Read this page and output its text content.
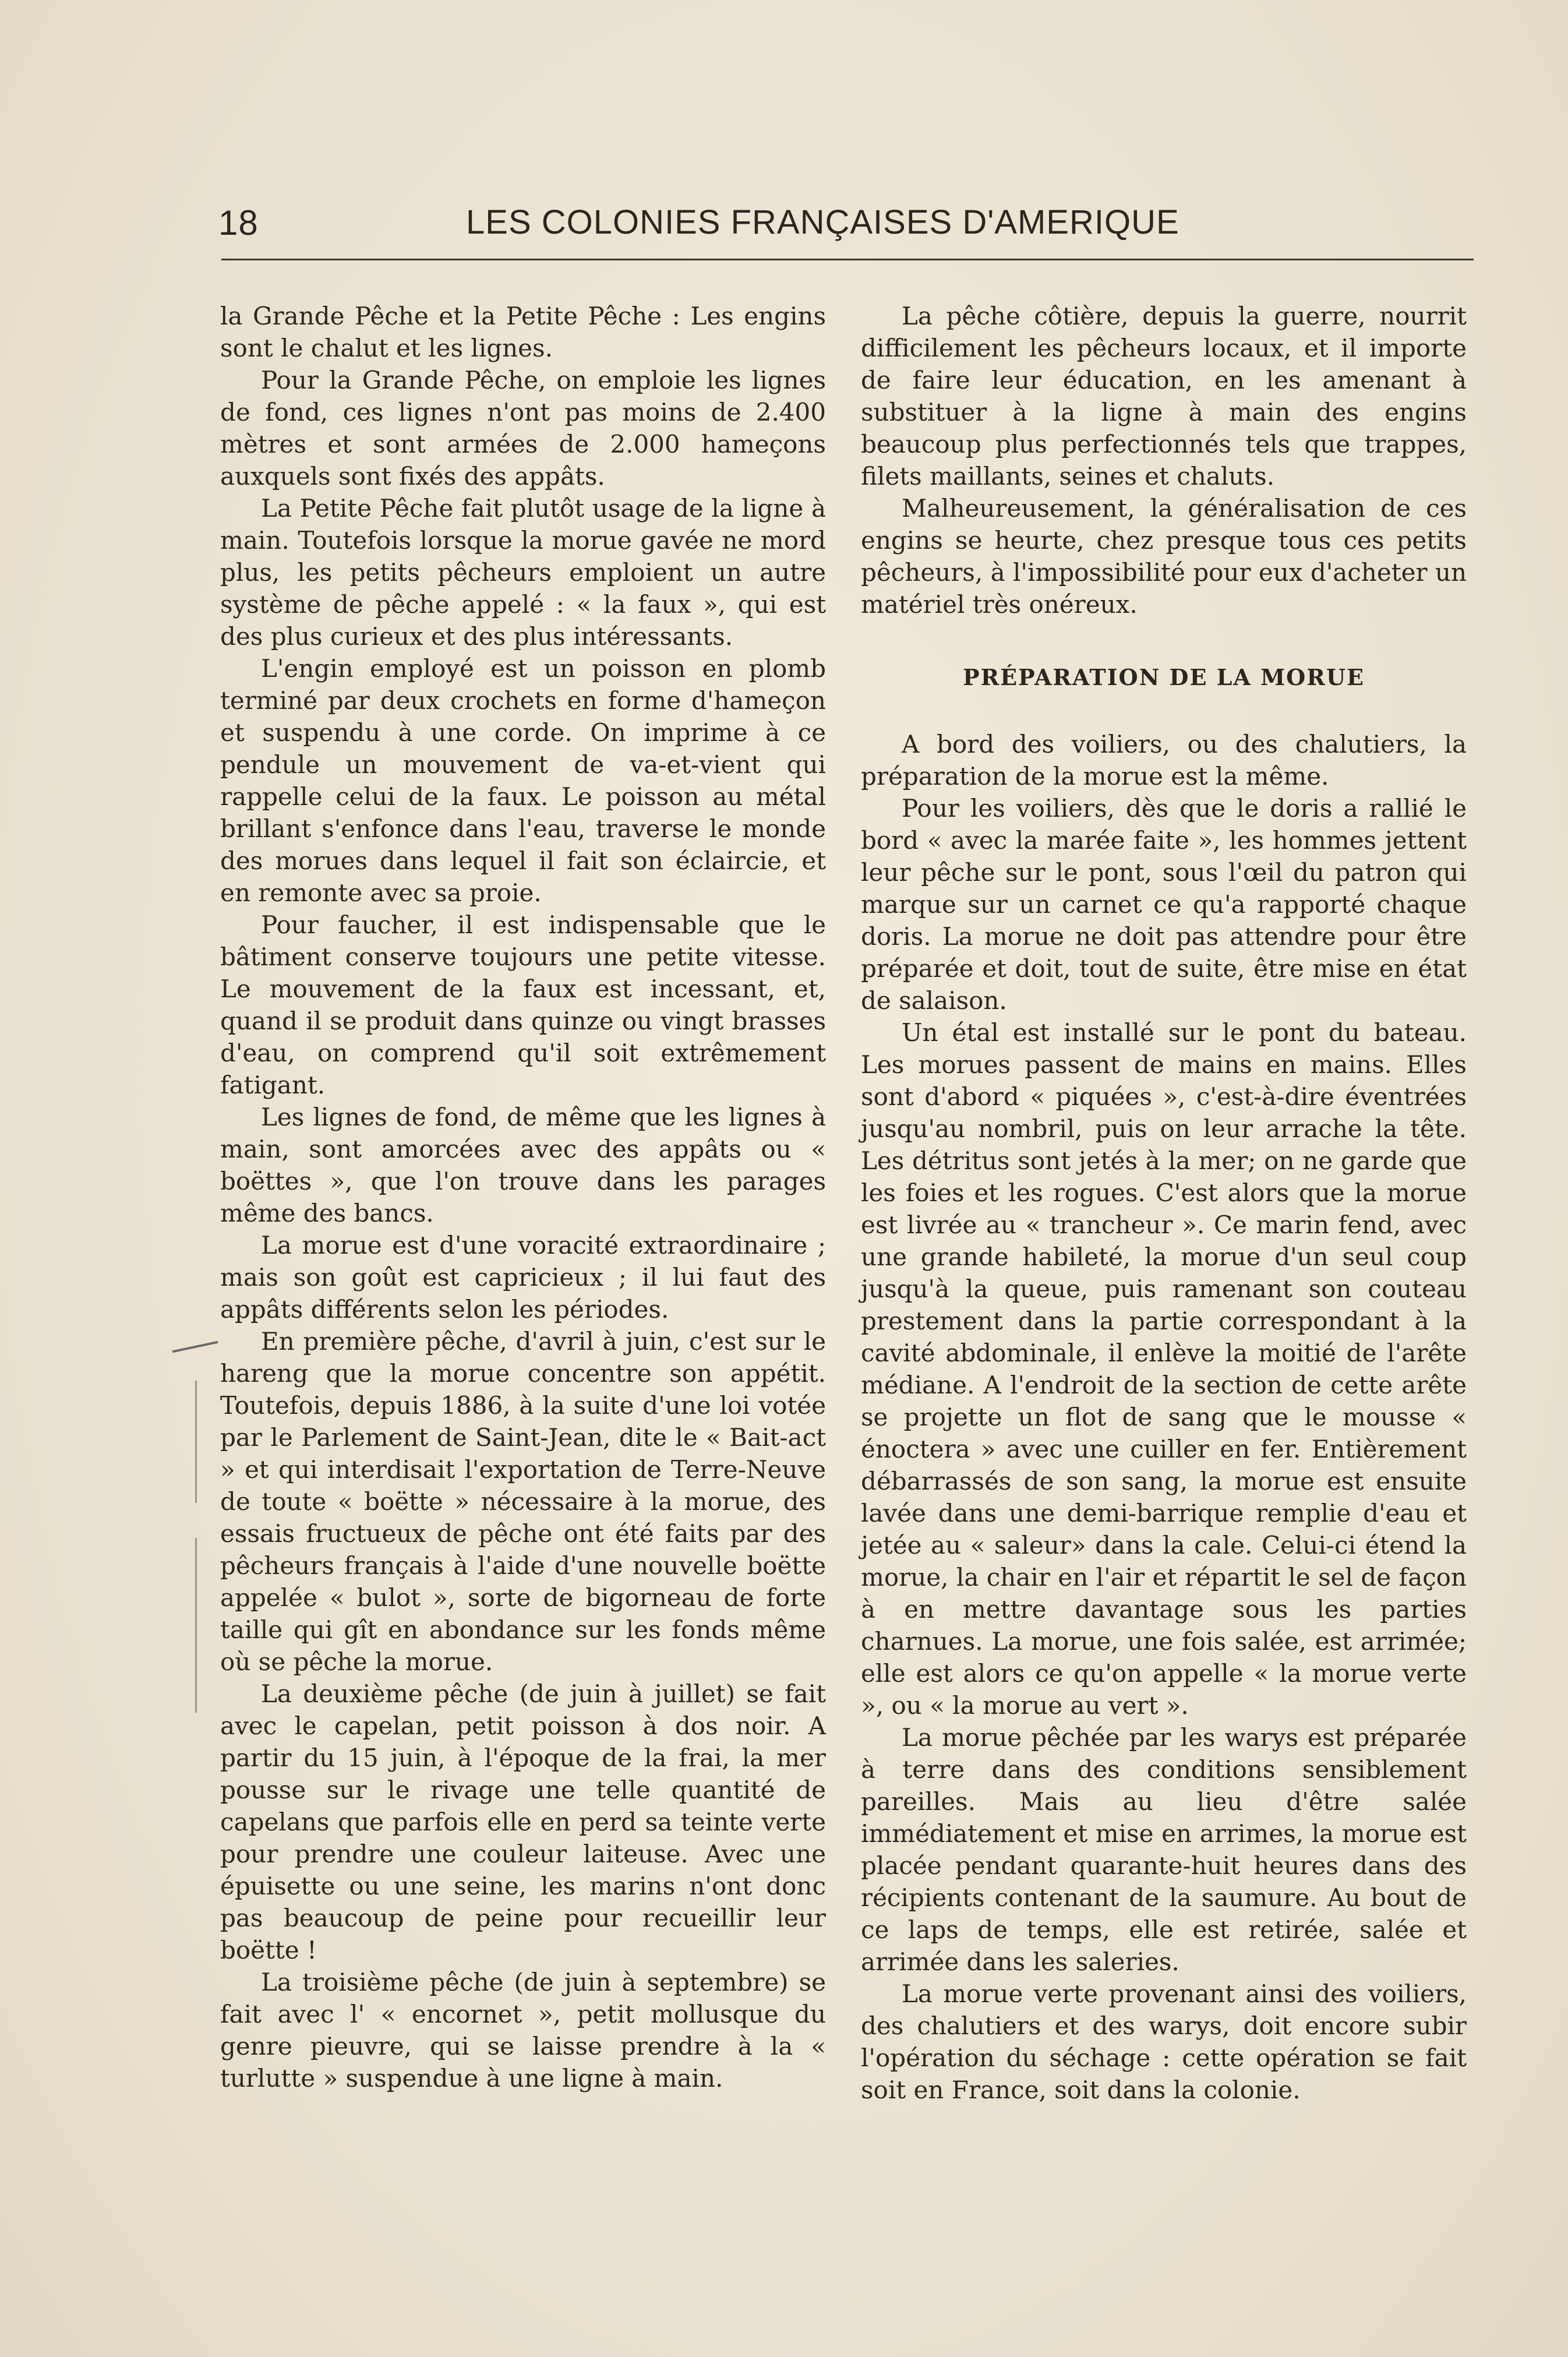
18	LES COLONIES FRANÇAISES D'AMERIQUE

la Grande Pêche et la Petite Pêche : Les engins sont le chalut et les lignes.

Pour la Grande Pêche, on emploie les lignes de fond, ces lignes n'ont pas moins de 2.400 mètres et sont armées de 2.000 hameçons auxquels sont fixés des appâts.

La Petite Pêche fait plutôt usage de la ligne à main. Toutefois lorsque la morue gavée ne mord plus, les petits pêcheurs emploient un autre système de pêche appelé : « la faux », qui est des plus curieux et des plus intéressants.

L'engin employé est un poisson en plomb terminé par deux crochets en forme d'hameçon et suspendu à une corde. On imprime à ce pendule un mouvement de va-et-vient qui rappelle celui de la faux. Le poisson au métal brillant s'enfonce dans l'eau, traverse le monde des morues dans lequel il fait son éclaircie, et en remonte avec sa proie.

Pour faucher, il est indispensable que le bâtiment conserve toujours une petite vitesse. Le mouvement de la faux est incessant, et, quand il se produit dans quinze ou vingt brasses d'eau, on comprend qu'il soit extrêmement fatigant.

Les lignes de fond, de même que les lignes à main, sont amorcées avec des appâts ou « boëttes », que l'on trouve dans les parages même des bancs.

La morue est d'une voracité extraordinaire ; mais son goût est capricieux ; il lui faut des appâts différents selon les périodes.

En première pêche, d'avril à juin, c'est sur le hareng que la morue concentre son appétit. Toutefois, depuis 1886, à la suite d'une loi votée par le Parlement de Saint-Jean, dite le « Bait-act » et qui interdisait l'exportation de Terre-Neuve de toute « boëtte » nécessaire à la morue, des essais fructueux de pêche ont été faits par des pêcheurs français à l'aide d'une nouvelle boëtte appelée « bulot », sorte de bigorneau de forte taille qui gît en abondance sur les fonds même où se pêche la morue.

La deuxième pêche (de juin à juillet) se fait avec le capelan, petit poisson à dos noir. A partir du 15 juin, à l'époque de la frai, la mer pousse sur le rivage une telle quantité de capelans que parfois elle en perd sa teinte verte pour prendre une couleur laiteuse. Avec une épuisette ou une seine, les marins n'ont donc pas beaucoup de peine pour recueillir leur boëtte !

La troisième pêche (de juin à septembre) se fait avec l' « encornet », petit mollusque du genre pieuvre, qui se laisse prendre à la « turlutte » suspendue à une ligne à main.

La pêche côtière, depuis la guerre, nourrit difficilement les pêcheurs locaux, et il importe de faire leur éducation, en les amenant à substituer à la ligne à main des engins beaucoup plus perfectionnés tels que trappes, filets maillants, seines et chaluts.

Malheureusement, la généralisation de ces engins se heurte, chez presque tous ces petits pêcheurs, à l'impossibilité pour eux d'acheter un matériel très onéreux.

PRÉPARATION DE LA MORUE

A bord des voiliers, ou des chalutiers, la préparation de la morue est la même.

Pour les voiliers, dès que le doris a rallié le bord « avec la marée faite », les hommes jettent leur pêche sur le pont, sous l'œil du patron qui marque sur un carnet ce qu'a rapporté chaque doris. La morue ne doit pas attendre pour être préparée et doit, tout de suite, être mise en état de salaison.

Un étal est installé sur le pont du bateau. Les morues passent de mains en mains. Elles sont d'abord « piquées », c'est-à-dire éventrées jusqu'au nombril, puis on leur arrache la tête. Les détritus sont jetés à la mer; on ne garde que les foies et les rogues. C'est alors que la morue est livrée au « trancheur ». Ce marin fend, avec une grande habileté, la morue d'un seul coup jusqu'à la queue, puis ramenant son couteau prestement dans la partie correspondant à la cavité abdominale, il enlève la moitié de l'arête médiane. A l'endroit de la section de cette arête se projette un flot de sang que le mousse « énoctera » avec une cuiller en fer. Entièrement débarrassés de son sang, la morue est ensuite lavée dans une demi-barrique remplie d'eau et jetée au « saleur» dans la cale. Celui-ci étend la morue, la chair en l'air et répartit le sel de façon à en mettre davantage sous les parties charnues. La morue, une fois salée, est arrimée; elle est alors ce qu'on appelle « la morue verte », ou « la morue au vert ».

La morue pêchée par les warys est préparée à terre dans des conditions sensiblement pareilles. Mais au lieu d'être salée immédiatement et mise en arrimes, la morue est placée pendant quarante-huit heures dans des récipients contenant de la saumure. Au bout de ce laps de temps, elle est retirée, salée et arrimée dans les saleries.

La morue verte provenant ainsi des voiliers, des chalutiers et des warys, doit encore subir l'opération du séchage : cette opération se fait soit en France, soit dans la colonie.
